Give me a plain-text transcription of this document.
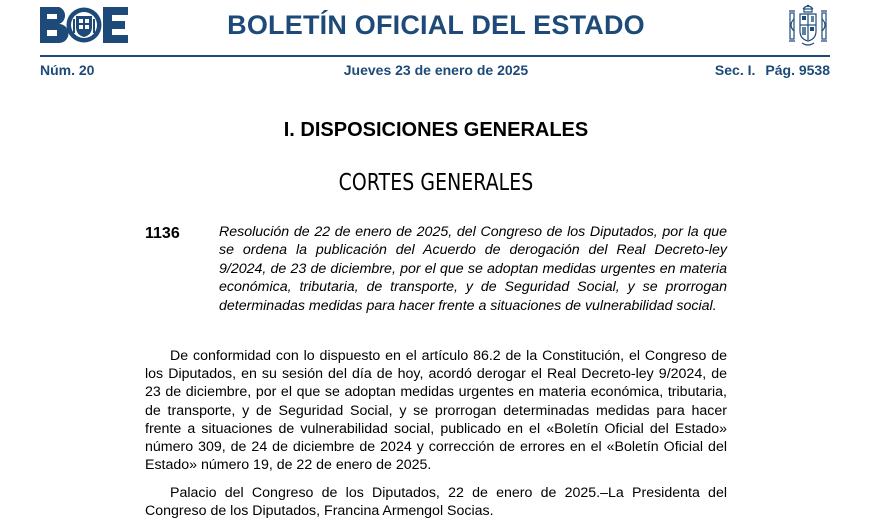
BOLETÍN OFICIAL DEL ESTADO
Núm. 20	Jueves 23 de enero de 2025	Sec. I. Pág. 9538
I. DISPOSICIONES GENERALES
CORTES GENERALES
1136	Resolución de 22 de enero de 2025, del Congreso de los Diputados, por la que se ordena la publicación del Acuerdo de derogación del Real Decreto-ley 9/2024, de 23 de diciembre, por el que se adoptan medidas urgentes en materia económica, tributaria, de transporte, y de Seguridad Social, y se prorrogan determinadas medidas para hacer frente a situaciones de vulnerabilidad social.
De conformidad con lo dispuesto en el artículo 86.2 de la Constitución, el Congreso de los Diputados, en su sesión del día de hoy, acordó derogar el Real Decreto-ley 9/2024, de 23 de diciembre, por el que se adoptan medidas urgentes en materia económica, tributaria, de transporte, y de Seguridad Social, y se prorrogan determinadas medidas para hacer frente a situaciones de vulnerabilidad social, publicado en el «Boletín Oficial del Estado» número 309, de 24 de diciembre de 2024 y corrección de errores en el «Boletín Oficial del Estado» número 19, de 22 de enero de 2025.
Palacio del Congreso de los Diputados, 22 de enero de 2025.–La Presidenta del Congreso de los Diputados, Francina Armengol Socias.
